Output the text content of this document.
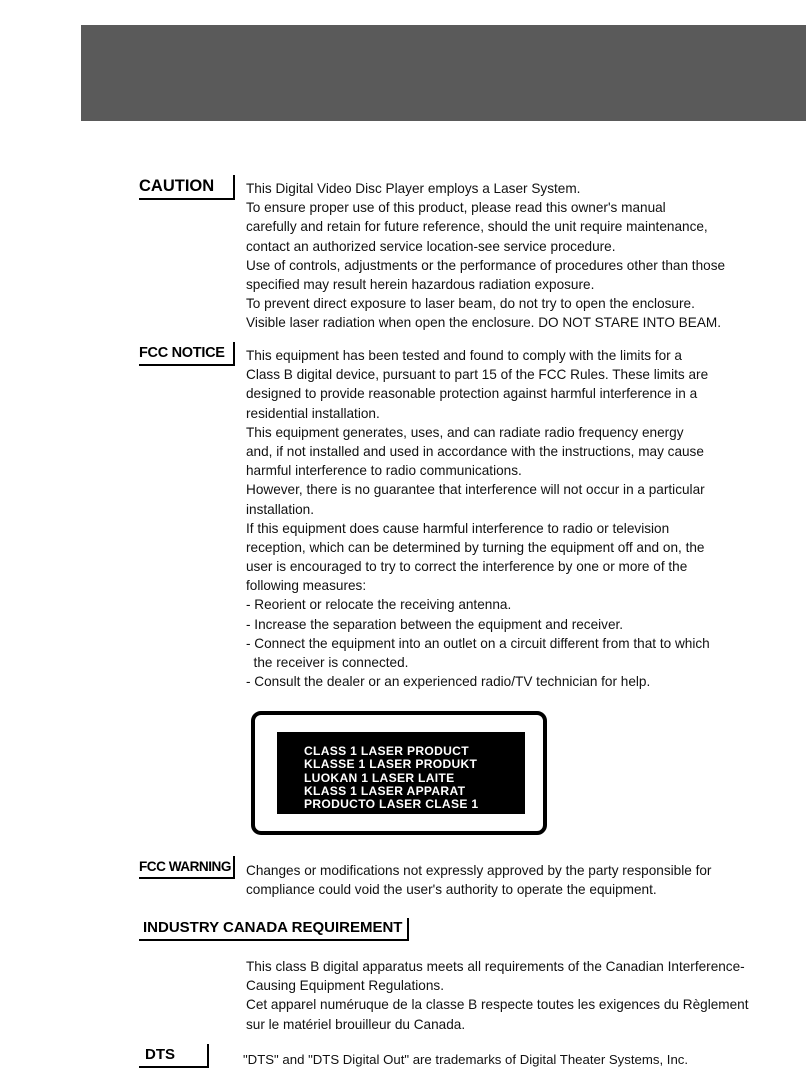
CAUTION This Digital Video Disc Player employs a Laser System.
To ensure proper use of this product, please read this owner's manual
carefully and retain for future reference, should the unit require maintenance,
contact an authorized service location-see service procedure.
Use of controls, adjustments or the performance of procedures other than those
specified may result herein hazardous radiation exposure.
To prevent direct exposure to laser beam, do not try to open the enclosure.
Visible laser radiation when open the enclosure. DO NOT STARE INTO BEAM.
FCC NOTICE This equipment has been tested and found to comply with the limits for a
Class B digital device, pursuant to part 15 of the FCC Rules. These limits are
designed to provide reasonable protection against harmful interference in a
residential installation.
This equipment generates, uses, and can radiate radio frequency energy
and, if not installed and used in accordance with the instructions, may cause
harmful interference to radio communications.
However, there is no guarantee that interference will not occur in a particular
installation.
If this equipment does cause harmful interference to radio or television
reception, which can be determined by turning the equipment off and on, the
user is encouraged to try to correct the interference by one or more of the
following measures:
- Reorient or relocate the receiving antenna.
- Increase the separation between the equipment and receiver.
- Connect the equipment into an outlet on a circuit different from that to which
the receiver is connected.
- Consult the dealer or an experienced radio/TV technician for help.
CLASS 1 LASER PRODUCT
KLASSE 1 LASER PRODUKT
LUOKAN 1 LASER LAITE
KLASS 1 LASER APPARAT
PRODUCTO LASER CLASE 1
FCC WARNING Changes or modifications not expressly approved by the party responsible for
compliance could void the user's authority to operate the equipment.
INDUSTRY CANADA REQUIREMENT
This class B digital apparatus meets all requirements of the Canadian Interference-
Causing Equipment Regulations.
Cet apparel numéruque de la classe B respecte toutes les exigences du Règlement
sur le matériel brouilleur du Canada.
DTS	"DTS" and "DTS Digital Out" are trademarks of Digital Theater Systems, Inc.
